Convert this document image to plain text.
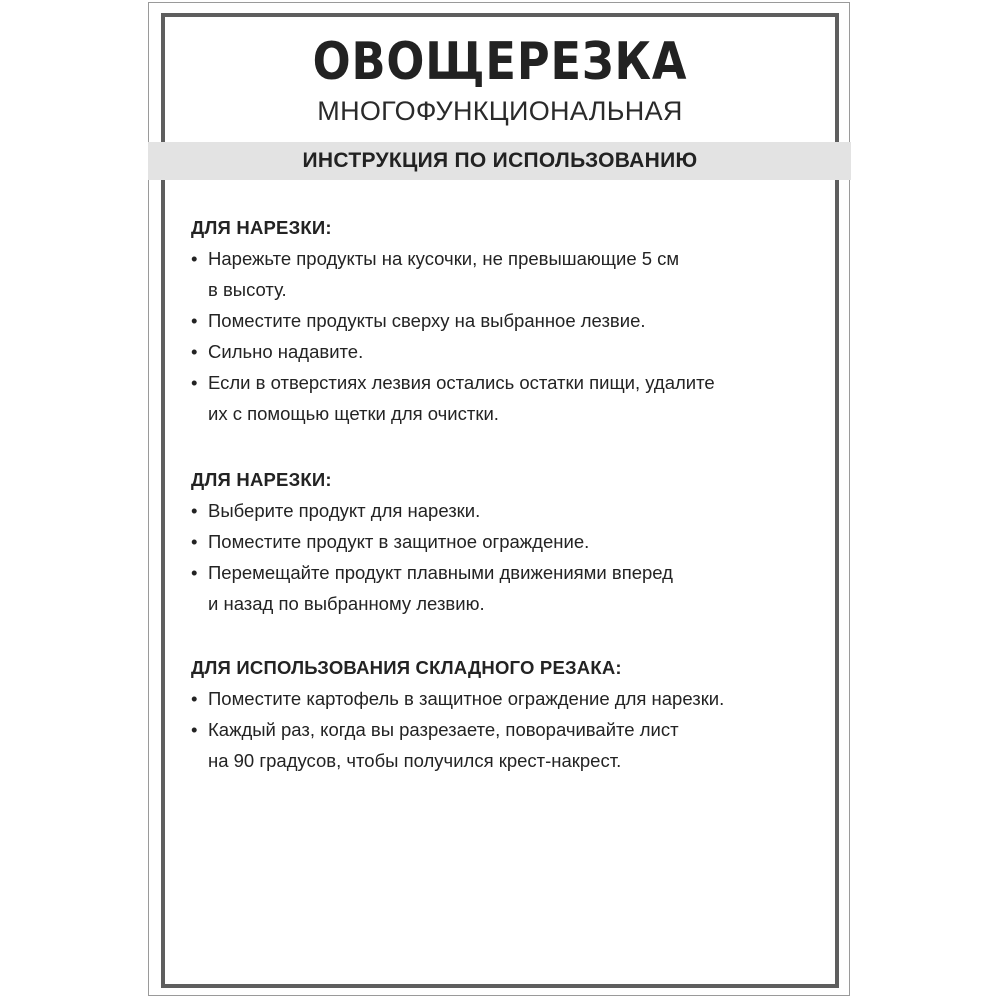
ОВОЩЕРЕЗКА
МНОГОФУНКЦИОНАЛЬНАЯ
ИНСТРУКЦИЯ ПО ИСПОЛЬЗОВАНИЮ
ДЛЯ НАРЕЗКИ:
• Нарежьте продукты на кусочки, не превышающие 5 см
в высоту.
• Поместите продукты сверху на выбранное лезвие.
• Сильно надавите.
• Если в отверстиях лезвия остались остатки пищи, удалите
их с помощью щетки для очистки.
ДЛЯ НАРЕЗКИ:
• Выберите продукт для нарезки.
• Поместите продукт в защитное ограждение.
• Перемещайте продукт плавными движениями вперед
и назад по выбранному лезвию.
ДЛЯ ИСПОЛЬЗОВАНИЯ СКЛАДНОГО РЕЗАКА:
• Поместите картофель в защитное ограждение для нарезки.
• Каждый раз, когда вы разрезаете, поворачивайте лист
на 90 градусов, чтобы получился крест-накрест.
